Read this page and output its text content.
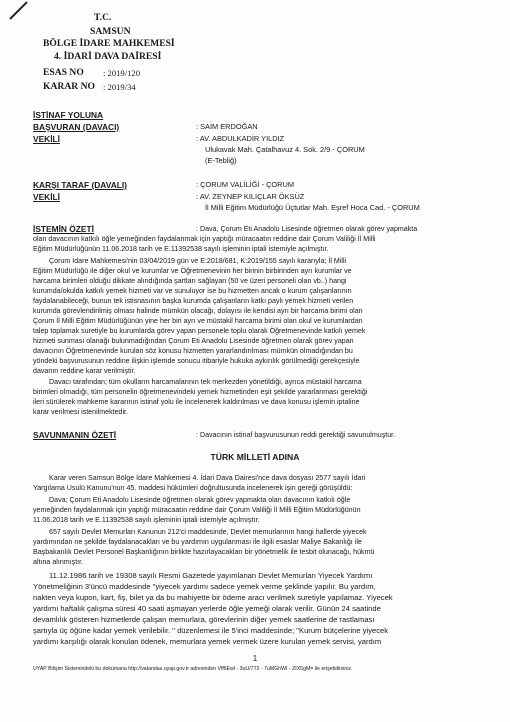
T.C.
SAMSUN
BÖLGE İDARE MAHKEMESİ
4. İDARİ DAVA DAİRESİ
ESAS NO : 2019/120
KARAR NO : 2019/34
İSTİNAF YOLUNA
BAŞVURAN (DAVACI)	: SAİM ERDOĞAN
VEKİLİ	: AV. ABDULKADİR YILDIZ
Ulukavak Mah. Çatalhavuz 4. Sok. 2/9 - ÇORUM
(E-Tebliğ)
KARŞI TARAF (DAVALI)	: ÇORUM VALİLİĞİ - ÇORUM
VEKİLİ	: AV. ZEYNEP KILIÇLAR ÖKSÜZ
İl Milli Eğitim Müdürlüğü Üçtutlar Mah. Eşref Hoca Cad. - ÇORUM
İSTEMİN ÖZETİ	: Dava, Çorum Eti Anadolu Lisesinde öğretmen olarak görev yapmakta
olan davacının katkılı öğle yemeğinden faydalanmak için yaptığı müracaatın reddine dair Çorum Valiliği İl Milli
Eğitim Müdürlüğünün 11.06.2018 tarih ve E.11392538 sayılı işleminin iptali istemiyle açılmıştır.
Çorum İdare Mahkemesi'nin 03/04/2019 gün ve E:2018/681, K:2019/155 sayılı kararıyla; İl Milli
Eğitim Müdürlüğü ile diğer okul ve kurumlar ve Öğretmenevinin her birinin birbirinden ayrı kurumlar ve
harcama birimleri olduğu dikkate alındığında şartları sağlayan (50 ve üzeri personeli olan vb..) hangi
kurumda/okulda katkılı yemek hizmeti var ve sunuluyor ise bu hizmetten ancak o kurum çalışanlarının
faydalanabileceği, bunun tek istisnasının başka kurumda çalışanların katkı paylı yemek hizmeti verilen
kurumda görevlendirilmiş olması halinde mümkün olacağı, dolayısı ile kendisi ayrı bir harcama birimi olan
Çorum İl Milli Eğitim Müdürlüğünün yine her biri ayrı ve müstakil harcama birimi olan okul ve kurumlardan
talep toplamak suretiyle bu kurumlarda görev yapan personele toplu olarak Öğretmenevinde katkılı yemek
hizmeti sunması olanağı bulunmadığından Çorum Eti Anadolu Lisesinde öğretmen olarak görev yapan
davacının Öğretmenevinde kurulan söz konusu hizmetten yararlandırılması mümkün olmadığından bu
yöndeki başvurusunun reddine ilişkin işlemde sonucu itibariyle hukuka aykırılık görülmediği gerekçesiyle
davanın reddine karar verilmiştir.
Davacı tarafından; tüm okulların harcamalarının tek merkezden yönetildiği, ayrıca müstakil harcama
birimleri olmadığı, tüm personelin öğretmenevindeki yemek hizmetinden eşit şekilde yararlanması gerektiği
ileri sürülerek mahkeme kararının istinaf yolu ile incelenerek kaldırılması ve dava konusu işlemin iptaline
karar verilmesi istenilmektedir.
SAVUNMANIN ÖZETİ	: Davacının istinaf başvurusunun reddi gerektiği savunulmuştur.
TÜRK MİLLETİ ADINA
Karar veren Samsun Bölge İdare Mahkemesi 4. İdari Dava Dairesi'nce dava dosyası 2577 sayılı İdari
Yargılama Usulü Kanunu'nun 45. maddesi hükümleri doğrultusunda incelenerek işin gereği görüşüldü:
Dava; Çorum Eti Anadolu Lisesinde öğretmen olarak görev yapmakta olan davacının katkılı öğle
yemeğinden faydalanmak için yaptığı müracaatın reddine dair Çorum Valiliği İl Milli Eğitim Müdürlüğünün
11.06.2018 tarih ve E.11392538 sayılı işleminin iptali istemiyle açılmıştır.
657 sayılı Devlet Memurları Kanunun 212'ci maddesinde, Devlet memurlarının hangi hallerde yiyecek
yardımından ne şekilde faydalanacakları ve bu yardımın uygulanması ile ilgili esaslar Maliye Bakanlığı ile
Başbakanlık Devlet Personel Başkanlığının birlikte hazırlayacakları bir yönetmelik ile tesbit olunacağı, hükmü
altına alınmıştır.
11.12.1986 tarih ve 19308 sayılı Resmi Gazetede yayımlanan Devlet Memurları Yiyecek Yardımı
Yönetmeliğinin 3'üncü maddesinde "yiyecek yardımı sadece yemek verme şeklinde yapılır. Bu yardım,
nakten veya kupon, kart, fiş, bilet ya da bu mahiyette bir ödeme aracı verilmek suretiyle yapılamaz. Yiyecek
yardımı haftalık çalışma süresi 40 saati aşmayan yerlerde öğle yemeği olarak verilir. Günün 24 saatinde
devamlılık gösteren hizmetlerde çalışan memurlara, görevlerinin diğer yemek saatlerine de rastlaması
şartıyla üç öğüne kadar yemek verilebilir. " düzenlemesi ile 5'inci maddesinde; "Kurum bütçelerine yiyecek
yardımı karşılığı olarak konulan ödenek, memurlara yemek vermek üzere kurulan yemek servisi, yardım
1
UYAP Bilişim Sistemindeki bu dokümana http://vatandas.uyap.gov.tr adresinden Vff6Ewl - 3uU/7T2 - 7uMGhWI - ZIX5gM= ile erişebilirsiniz.
